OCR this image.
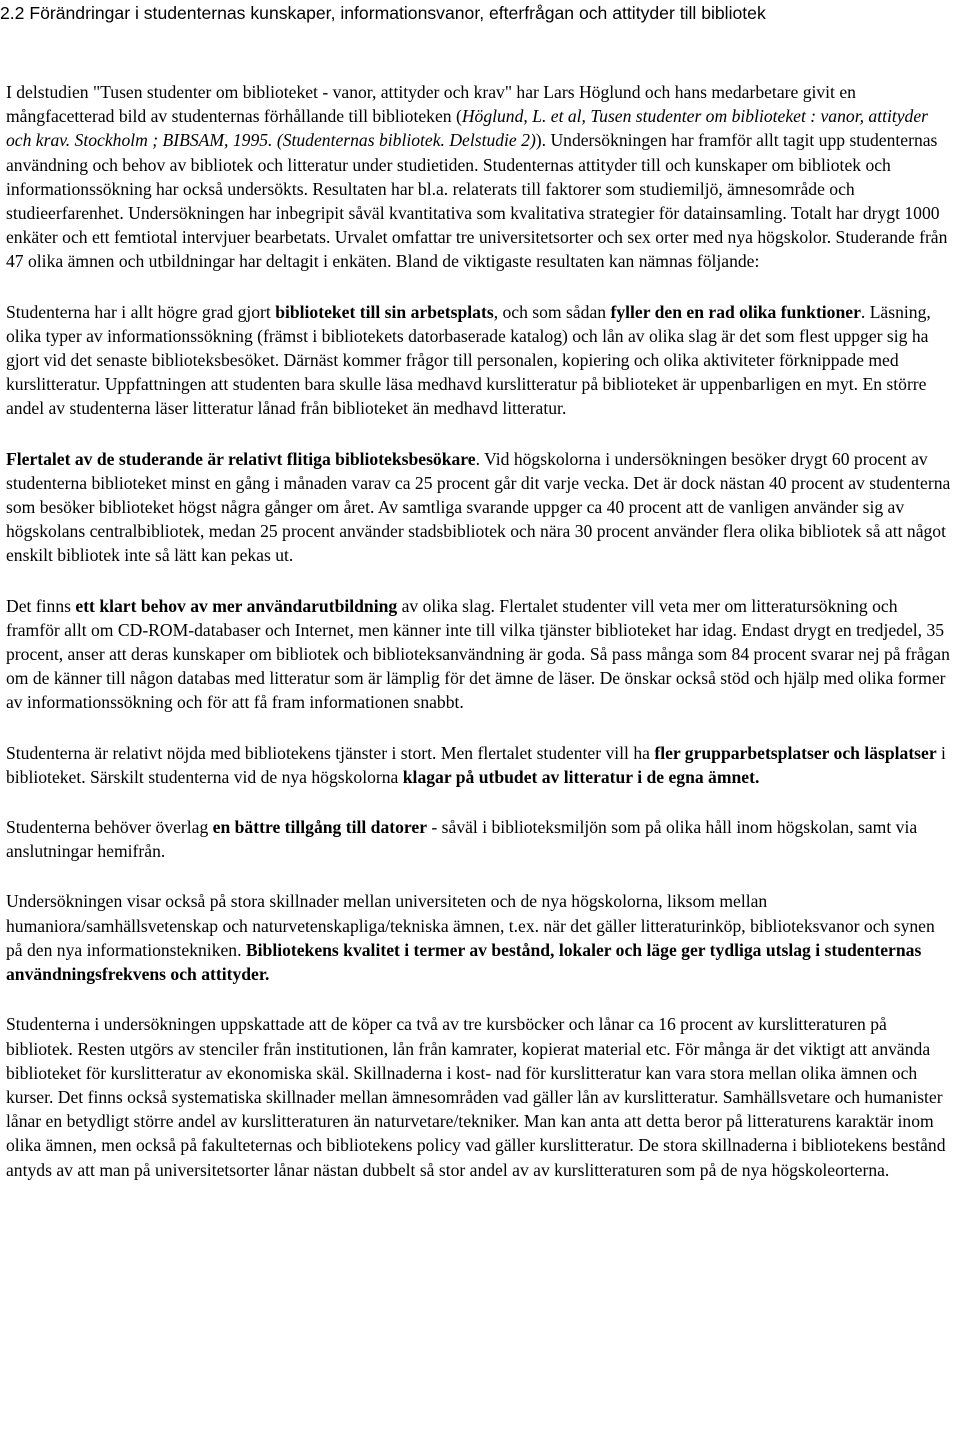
2.2 Förändringar i studenternas kunskaper, informationsvanor, efterfrågan och attityder till bibliotek

I delstudien "Tusen studenter om biblioteket - vanor, attityder och krav" har Lars Höglund och hans medarbetare givit en mångfacetterad bild av studenternas förhållande till biblioteken (Höglund, L. et al, Tusen studenter om biblioteket : vanor, attityder och krav. Stockholm ; BIBSAM, 1995. (Studenternas bibliotek. Delstudie 2)). Undersökningen har framför allt tagit upp studenternas användning och behov av bibliotek och litteratur under studietiden. Studenternas attityder till och kunskaper om bibliotek och informationssökning har också undersökts. Resultaten har bl.a. relaterats till faktorer som studiemiljö, ämnesområde och studieerfarenhet. Undersökningen har inbegripit såväl kvantitativa som kvalitativa strategier för datainsamling. Totalt har drygt 1000 enkäter och ett femtiotal intervjuer bearbetats. Urvalet omfattar tre universitetsorter och sex orter med nya högskolor. Studerande från 47 olika ämnen och utbildningar har deltagit i enkäten. Bland de viktigaste resultaten kan nämnas följande:

Studenterna har i allt högre grad gjort biblioteket till sin arbetsplats, och som sådan fyller den en rad olika funktioner. Läsning, olika typer av informationssökning (främst i bibliotekets datorbaserade katalog) och lån av olika slag är det som flest uppger sig ha gjort vid det senaste biblioteksbesöket. Därnäst kommer frågor till personalen, kopiering och olika aktiviteter förknippade med kurslitteratur. Uppfattningen att studenten bara skulle läsa medhavd kurslitteratur på biblioteket är uppenbarligen en myt. En större andel av studenterna läser litteratur lånad från biblioteket än medhavd litteratur.

Flertalet av de studerande är relativt flitiga biblioteksbesökare. Vid högskolorna i undersökningen besöker drygt 60 procent av studenterna biblioteket minst en gång i månaden varav ca 25 procent går dit varje vecka. Det är dock nästan 40 procent av studenterna som besöker biblioteket högst några gånger om året. Av samtliga svarande uppger ca 40 procent att de vanligen använder sig av högskolans centralbibliotek, medan 25 procent använder stadsbibliotek och nära 30 procent använder flera olika bibliotek så att något enskilt bibliotek inte så lätt kan pekas ut.

Det finns ett klart behov av mer användarutbildning av olika slag. Flertalet studenter vill veta mer om litteratursökning och framför allt om CD-ROM-databaser och Internet, men känner inte till vilka tjänster biblioteket har idag. Endast drygt en tredjedel, 35 procent, anser att deras kunskaper om bibliotek och biblioteksanvändning är goda. Så pass många som 84 procent svarar nej på frågan om de känner till någon databas med litteratur som är lämplig för det ämne de läser. De önskar också stöd och hjälp med olika former av informationssökning och för att få fram informationen snabbt.

Studenterna är relativt nöjda med bibliotekens tjänster i stort. Men flertalet studenter vill ha fler grupparbetsplatser och läsplatser i biblioteket. Särskilt studenterna vid de nya högskolorna klagar på utbudet av litteratur i de egna ämnet.

Studenterna behöver överlag en bättre tillgång till datorer - såväl i biblioteksmiljön som på olika håll inom högskolan, samt via anslutningar hemifrån.

Undersökningen visar också på stora skillnader mellan universiteten och de nya högskolorna, liksom mellan humaniora/samhällsvetenskap och naturvetenskapliga/tekniska ämnen, t.ex. när det gäller litteraturinköp, biblioteksvanor och synen på den nya informationstekniken. Bibliotekens kvalitet i termer av bestånd, lokaler och läge ger tydliga utslag i studenternas användningsfrekvens och attityder.

Studenterna i undersökningen uppskattade att de köper ca två av tre kursböcker och lånar ca 16 procent av kurslitteraturen på bibliotek. Resten utgörs av stenciler från institutionen, lån från kamrater, kopierat material etc. För många är det viktigt att använda biblioteket för kurslitteratur av ekonomiska skäl. Skillnaderna i kost- nad för kurslitteratur kan vara stora mellan olika ämnen och kurser. Det finns också systematiska skillnader mellan ämnesområden vad gäller lån av kurslitteratur. Samhällsvetare och humanister lånar en betydligt större andel av kurslitteraturen än naturvetare/tekniker. Man kan anta att detta beror på litteraturens karaktär inom olika ämnen, men också på fakulteternas och bibliotekens policy vad gäller kurslitteratur. De stora skillnaderna i bibliotekens bestånd antyds av att man på universitetsorter lånar nästan dubbelt så stor andel av av kurslitteraturen som på de nya högskoleorterna.
